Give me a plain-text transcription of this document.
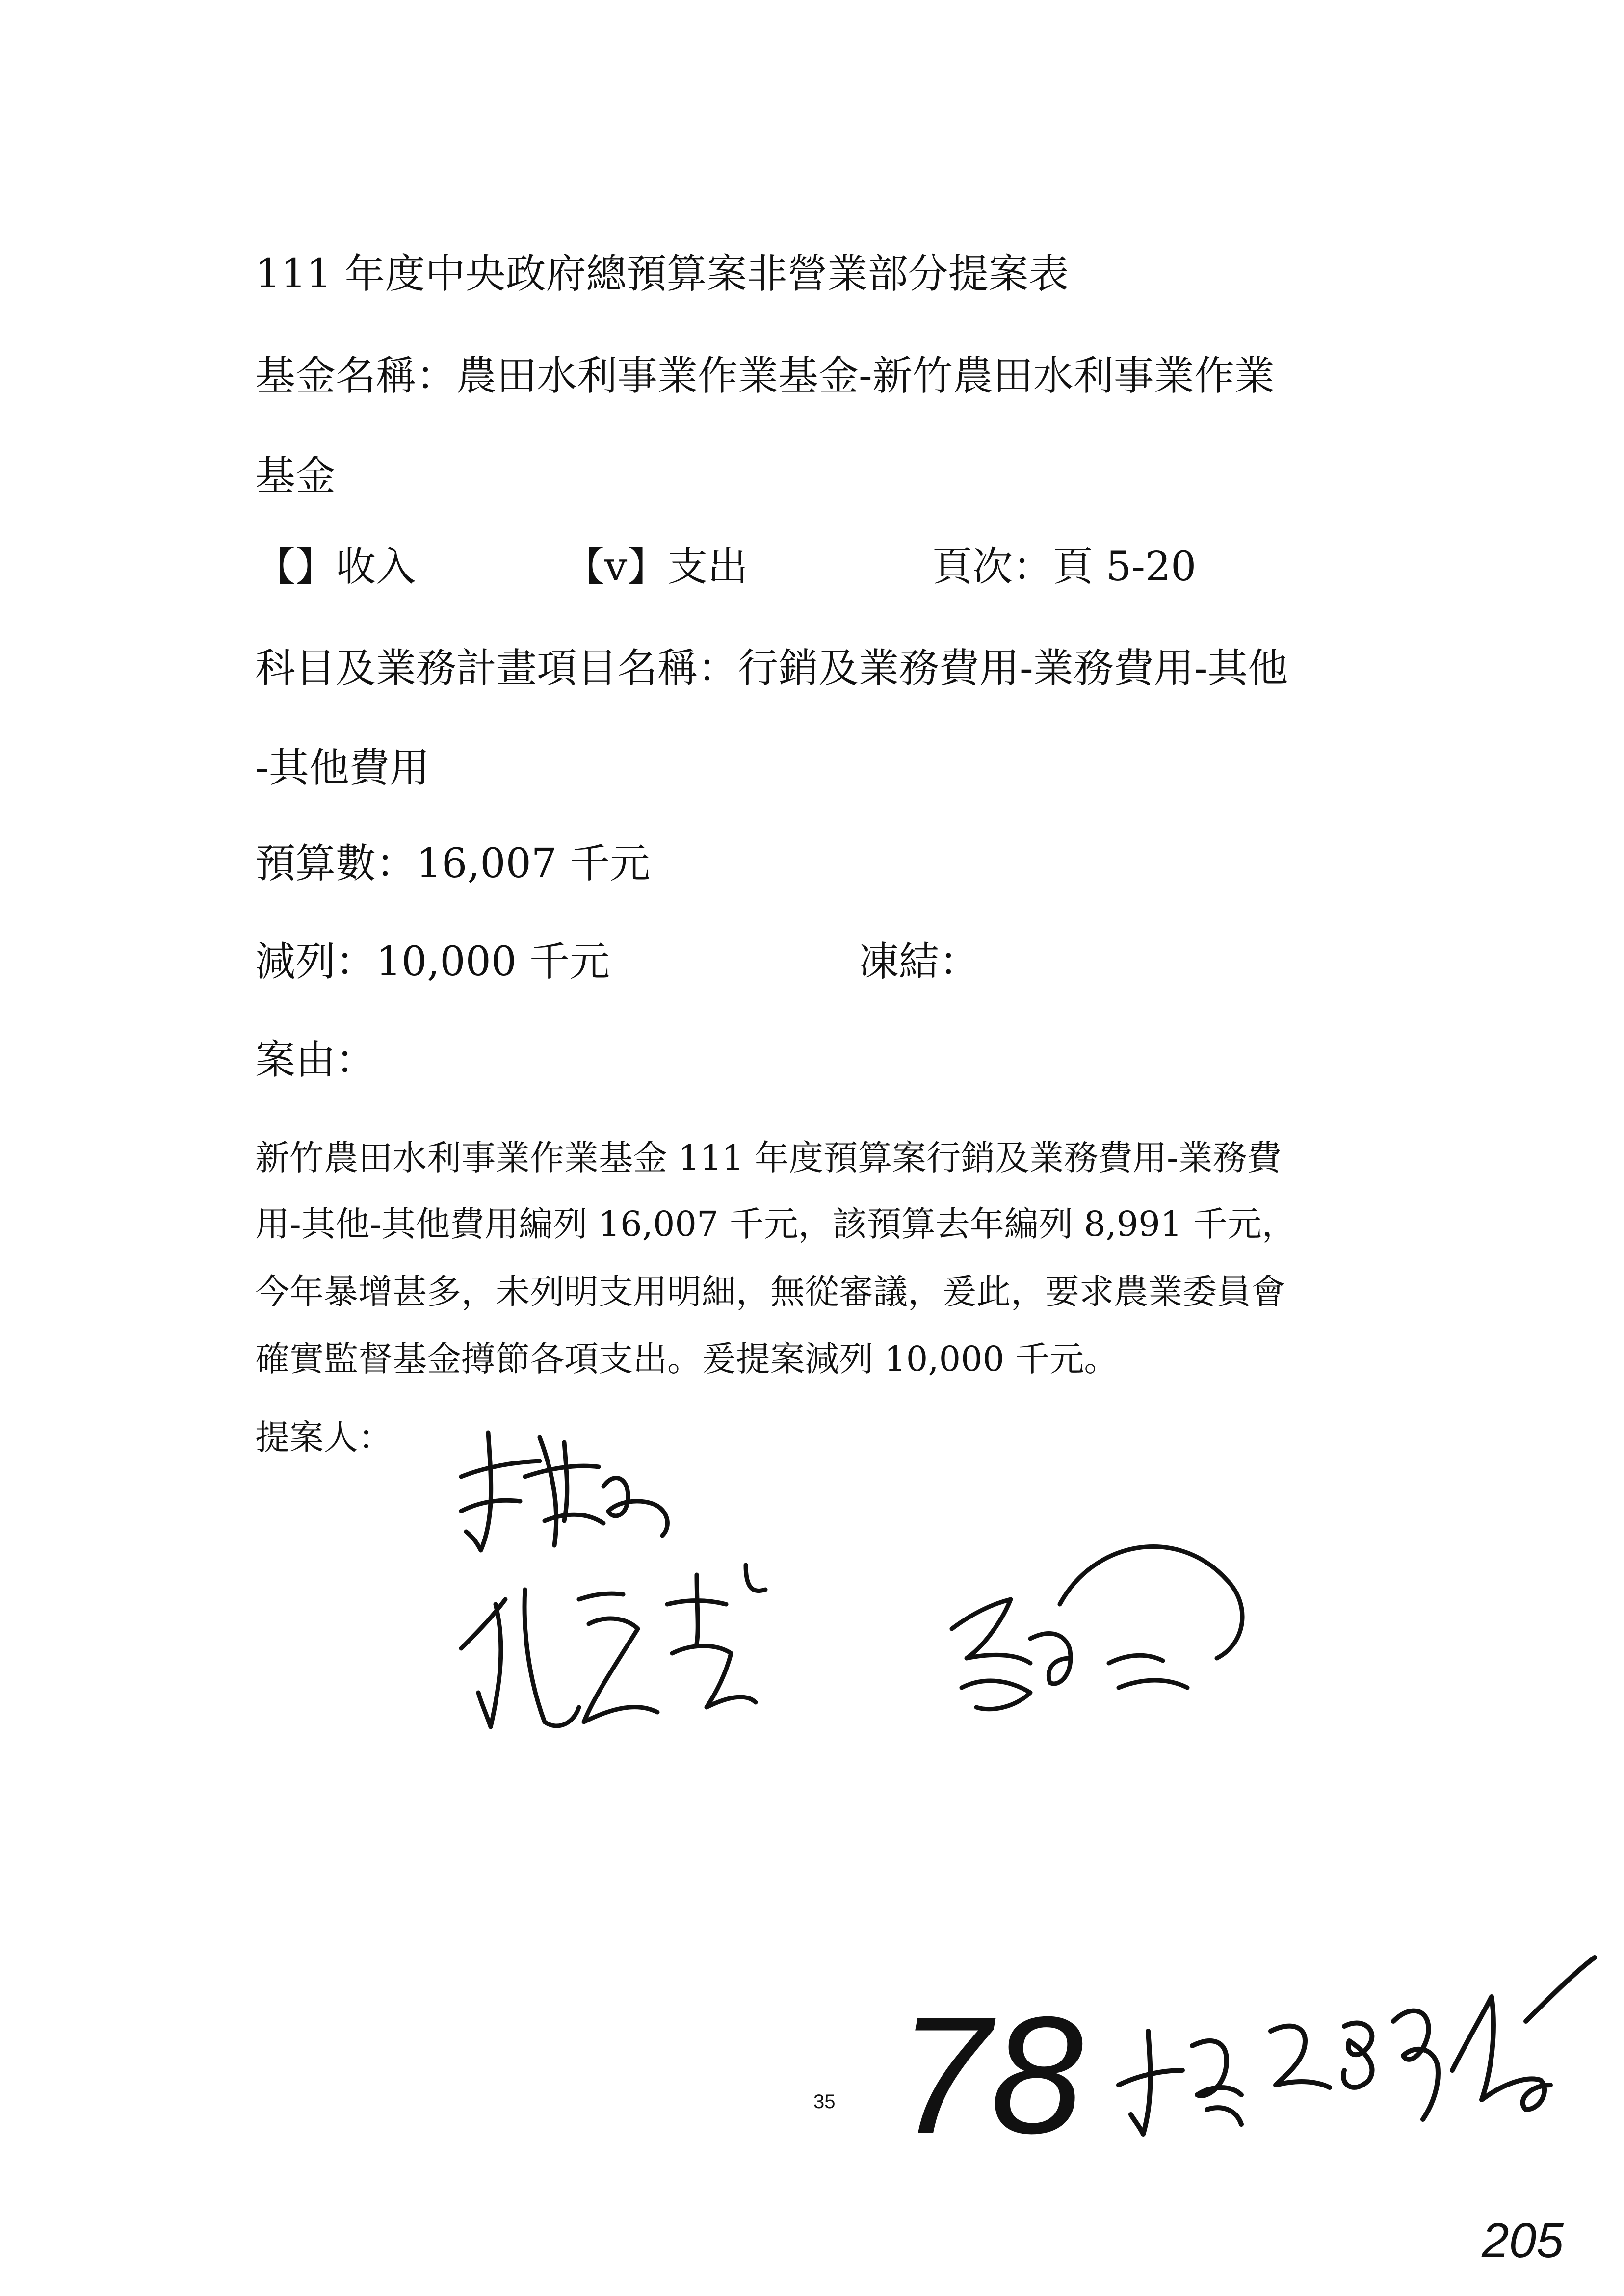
111 年度中央政府總預算案非營業部分提案表
基金名稱：農田水利事業作業基金-新竹農田水利事業作業
基金
【】收入	【v】支出	頁次：頁 5-20
科目及業務計畫項目名稱：行銷及業務費用-業務費用-其他
-其他費用
預算數：16,007 千元
減列：10,000 千元	凍結：
案由：
新竹農田水利事業作業基金 111 年度預算案行銷及業務費用-業務費
用-其他-其他費用編列 16,007 千元，該預算去年編列 8,991 千元，
今年暴增甚多，未列明支用明細，無從審議，爰此，要求農業委員會
確實監督基金撙節各項支出。爰提案減列 10,000 千元。
提案人：
35 78
205
